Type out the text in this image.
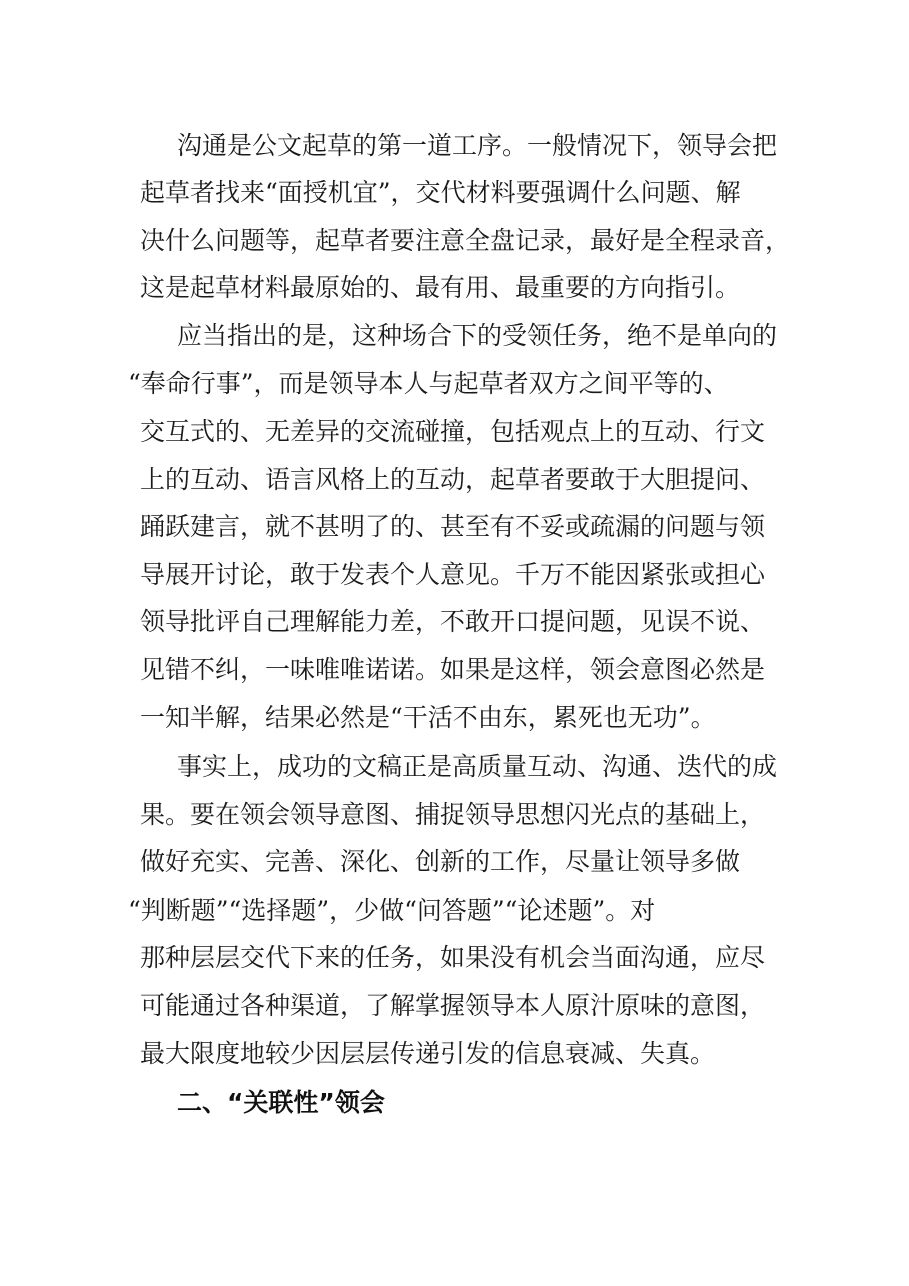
沟通是公文起草的第一道工序。一般情况下，领导会把
起草者找来“面授机宜”，交代材料要强调什么问题、解
决什么问题等，起草者要注意全盘记录，最好是全程录音，
这是起草材料最原始的、最有用、最重要的方向指引。
应当指出的是，这种场合下的受领任务，绝不是单向的
“奉命行事”，而是领导本人与起草者双方之间平等的、
交互式的、无差异的交流碰撞，包括观点上的互动、行文
上的互动、语言风格上的互动，起草者要敢于大胆提问、
踊跃建言，就不甚明了的、甚至有不妥或疏漏的问题与领
导展开讨论，敢于发表个人意见。千万不能因紧张或担心
领导批评自己理解能力差，不敢开口提问题，见误不说、
见错不纠，一味唯唯诺诺。如果是这样，领会意图必然是
一知半解，结果必然是“干活不由东，累死也无功”。
事实上，成功的文稿正是高质量互动、沟通、迭代的成
果。要在领会领导意图、捕捉领导思想闪光点的基础上，
做好充实、完善、深化、创新的工作，尽量让领导多做
“判断题”“选择题”，少做“问答题”“论述题”。对
那种层层交代下来的任务，如果没有机会当面沟通，应尽
可能通过各种渠道，了解掌握领导本人原汁原味的意图，
最大限度地较少因层层传递引发的信息衰减、失真。
二、“关联性”领会
